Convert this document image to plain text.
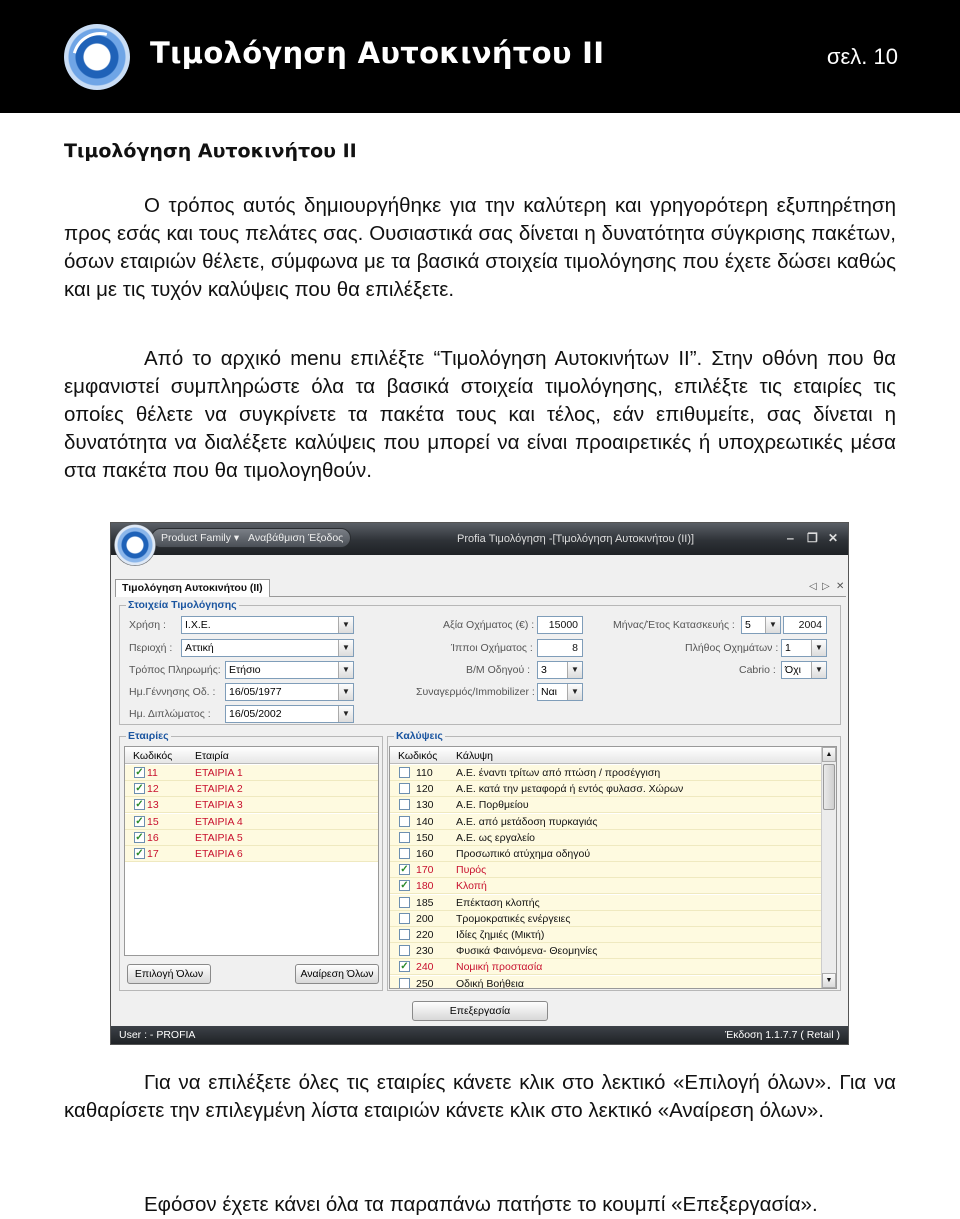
Τιμολόγηση Αυτοκινήτου ΙΙ	σελ. 10
Τιμολόγηση Αυτοκινήτου ΙΙ
Ο τρόπος αυτός δημιουργήθηκε για την καλύτερη και γρηγορότερη εξυπηρέτηση προς εσάς και τους πελάτες σας. Ουσιαστικά σας δίνεται η δυνατότητα σύγκρισης πακέτων, όσων εταιριών θέλετε, σύμφωνα με τα βασικά στοιχεία τιμολόγησης που έχετε δώσει καθώς και με τις τυχόν καλύψεις που θα επιλέξετε.
Από το αρχικό menu επιλέξτε “Τιμολόγηση Αυτοκινήτων ΙΙ”. Στην οθόνη που θα εμφανιστεί συμπληρώστε όλα τα βασικά στοιχεία τιμολόγησης, επιλέξτε τις εταιρίες τις οποίες θέλετε να συγκρίνετε τα πακέτα τους και τέλος, εάν επιθυμείτε, σας δίνεται η δυνατότητα να διαλέξετε καλύψεις που μπορεί να είναι προαιρετικές ή υποχρεωτικές μέσα στα πακέτα που θα τιμολογηθούν.
Product Family ▾ Αναβάθμιση Έξοδος	Profia Τιμολόγηση -[Τιμολόγηση Αυτοκινήτου (ΙΙ)]	‒ ❐ ✕
Τιμολόγηση Αυτοκινήτου (ΙΙ)	◁ ▷ ✕
Στοιχεία Τιμολόγησης
Χρήση :	Ι.Χ.Ε.	▼
Περιοχή :	Αττική	▼
Τρόπος Πληρωμής: Ετήσιο	▼
Ημ.Γέννησης Οδ. :	16/05/1977	▼
Ημ. Διπλώματος :	16/05/2002	▼
Αξία Οχήματος (€) :	15000
Ίπποι Οχήματος :	8
Β/Μ Οδηγού :	3	▼
Συναγερμός/Immobilizer : Ναι	▼
Μήνας/Έτος Κατασκευής : 5	▼	2004
Πλήθος Οχημάτων : 1	▼
Cabrio : Όχι	▼
Εταιρίες
Κωδικός Εταιρία
✓ 11	ΕΤΑΙΡΙΑ 1
✓ 12	ΕΤΑΙΡΙΑ 2
✓ 13	ΕΤΑΙΡΙΑ 3
✓ 15	ΕΤΑΙΡΙΑ 4
✓ 16	ΕΤΑΙΡΙΑ 5
✓ 17	ΕΤΑΙΡΙΑ 6
Επιλογή Όλων	Αναίρεση Όλων
Καλύψεις
Κωδικός Κάλυψη	▲
▼
110 Α.Ε. έναντι τρίτων από πτώση / προσέγγιση
120 Α.Ε. κατά την μεταφορά ή εντός φυλασσ. Χώρων
130 Α.Ε. Πορθμείου
140 Α.Ε. από μετάδοση πυρκαγιάς
150 Α.Ε. ως εργαλείο
160 Προσωπικό ατύχημα οδηγού
✓ 170 Πυρός
✓ 180 Κλοπή
185 Επέκταση κλοπής
200 Τρομοκρατικές ενέργειες
220 Ιδίες ζημιές (Μικτή)
230 Φυσικά Φαινόμενα- Θεομηνίες
✓ 240 Νομική προστασία
250 Οδική Βοήθεια
Επεξεργασία
User : - PROFIA	Έκδοση 1.1.7.7 ( Retail )
Για να επιλέξετε όλες τις εταιρίες κάνετε κλικ στο λεκτικό «Επιλογή όλων». Για να καθαρίσετε την επιλεγμένη λίστα εταιριών κάνετε κλικ στο λεκτικό «Αναίρεση όλων».
Εφόσον έχετε κάνει όλα τα παραπάνω πατήστε το κουμπί «Επεξεργασία».
